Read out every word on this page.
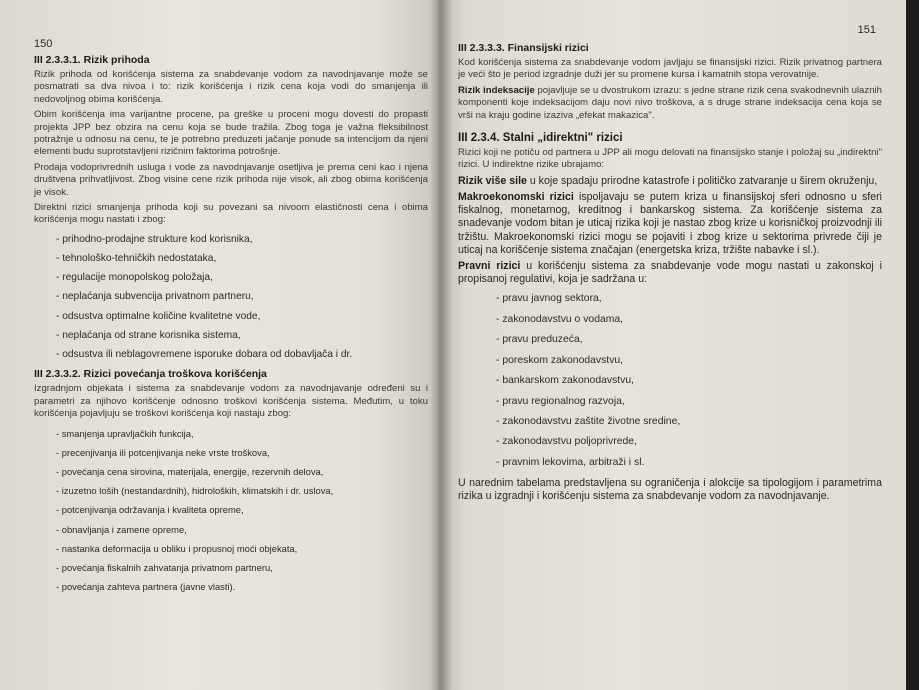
150
III 2.3.3.1. Rizik prihoda

Rizik prihoda od korišćenja sistema za snabdevanje vodom za navodnjavanje može se posmatrati sa dva nivoa i to: rizik korišćenja i rizik cena koja vodi do smanjenja ili nedovoljnog obima korišćenja.

Obim korišćenja ima varijantne procene, pa greške u proceni mogu dovesti do propasti projekta JPP bez obzira na cenu koja se bude tražila. Zbog toga je važna fleksibilnost potražnje u odnosu na cenu, te je potrebno preduzeti jačanje ponude sa intencijom da njeni elementi budu suprotstavljeni rizičnim faktorima potrošnje.

Prodaja vodoprivrednih usluga i vode za navodnjavanje osetljiva je prema ceni kao i njena društvena prihvatljivost. Zbog visine cene rizik prihoda nije visok, ali zbog obima korišćenja je visok.

Direktni rizici smanjenja prihoda koji su povezani sa nivoom elastičnosti cena i obima korišćenja mogu nastati i zbog:

- prihodno-prodajne strukture kod korisnika,
- tehnološko-tehničkih nedostataka,
- regulacije monopolskog položaja,
- neplaćanja subvencija privatnom partneru,
- odsustva optimalne količine kvalitetne vode,
- neplaćanja od strane korisnika sistema,
- odsustva ili neblagovremene isporuke dobara od dobavljača i dr.
III 2.3.3.2. Rizici povećanja troškova korišćenja

Izgradnjom objekata i sistema za snabdevanje vodom za navodnjavanje određeni su i parametri za njihovo korišćenje odnosno troškovi korišćenja sistema. Međutim, u toku korišćenja pojavljuju se troškovi korišćenja koji nastaju zbog:

- smanjenja upravljačkih funkcija,
- precenjivanja ili potcenjivanja neke vrste troškova,
- povećanja cena sirovina, materijala, energije, rezervnih delova,
- izuzetno loših (nestandardnih), hidroloških, klimatskih i dr. uslova,
- potcenjivanja održavanja i kvaliteta opreme,
- obnavljanja i zamene opreme,
- nastanka deformacija u obliku i propusnoj moći objekata,
- povećanja fiskalnih zahvatanja privatnom partneru,
- povećanja zahteva partnera (javne vlasti).
151
III 2.3.3.3. Finansijski rizici

Kod korišćenja sistema za snabdevanje vodom javljaju se finansijski rizici. Rizik privatnog partnera je veći što je period izgradnje duži jer su promene kursa i kamatnih stopa verovatnije.

Rizik indeksacije pojavljuje se u dvostrukom izrazu: s jedne strane rizik cena svakodnevnih ulaznih komponenti koje indeksacijom daju novi nivo troškova, a s druge strane indeksacija cena koja se vrši na kraju godine izaziva „efekat makazica".

III 2.3.4. Stalni „idirektni" rizici

Rizici koji ne potiču od partnera u JPP ali mogu delovati na finansijsko stanje i položaj su „indirektni" rizici. U indirektne rizike ubrajamo:

Rizik više sile u koje spadaju prirodne katastrofe i političko zatvaranje u širem okruženju,

Makroekonomski rizici ispoljavaju se putem kriza u finansijskoj sferi odnosno u sferi fiskalnog, monetarnog, kreditnog i bankarskog sistema. Za korišćenje sistema za snadevanje vodom bitan je uticaj rizika koji je nastao zbog krize u korisničkoj proizvodnji ili tržištu. Makroekonomski rizici mogu se pojaviti i zbog krize u sektorima privrede čiji je uticaj na korišćenje sistema značajan (energetska kriza, tržište nabavke i sl.).

Pravni rizici u korišćenju sistema za snabdevanje vode mogu nastati u zakonskoj i propisanoj regulativi, koja je sadržana u:

- pravu javnog sektora,
- zakonodavstvu o vodama,
- pravu preduzeća,
- poreskom zakonodavstvu,
- bankarskom zakonodavstvu,
- pravu regionalnog razvoja,
- zakonodavstvu zaštite životne sredine,
- zakonodavstvu poljoprivrede,
- pravnim lekovima, arbitraži i sl.

U narednim tabelama predstavljena su ograničenja i alokcije sa tipologijom i parametrima rizika u izgradnji i korišćenju sistema za snabdevanje vodom za navodnjavanje.
